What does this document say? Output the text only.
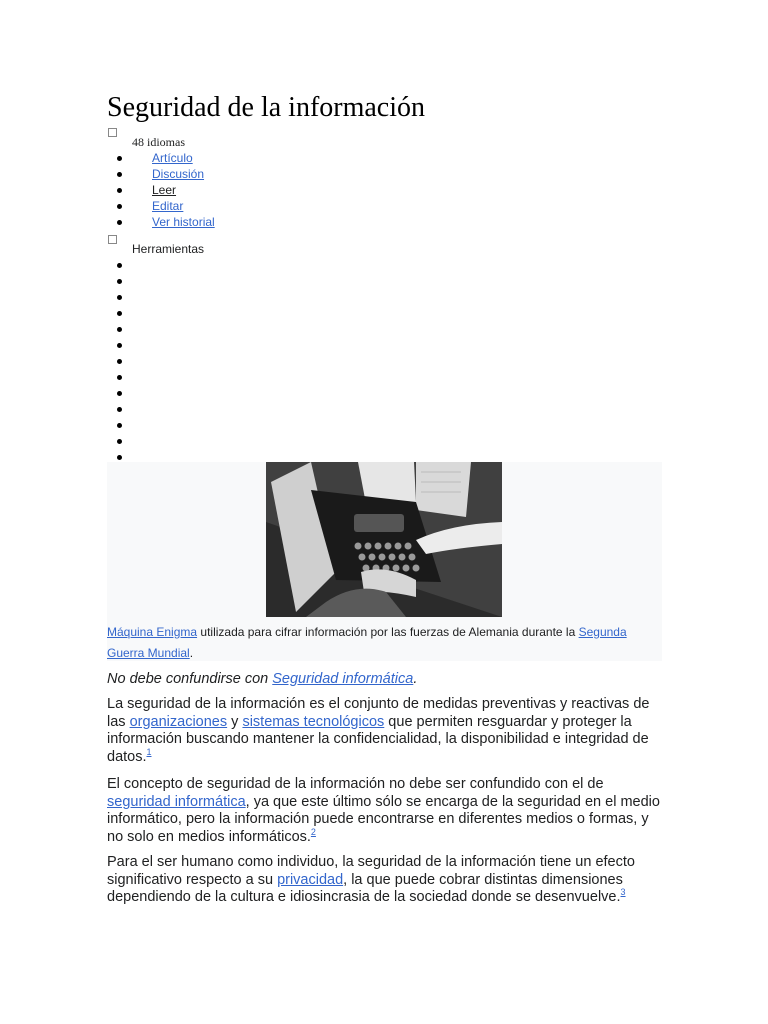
Seguridad de la información
48 idiomas
Artículo
Discusión
Leer
Editar
Ver historial
Herramientas
Máquina Enigma utilizada para cifrar información por las fuerzas de Alemania durante la Segunda Guerra Mundial.
No debe confundirse con Seguridad informática.

La seguridad de la información es el conjunto de medidas preventivas y reactivas de las organizaciones y sistemas tecnológicos que permiten resguardar y proteger la información buscando mantener la confidencialidad, la disponibilidad e integridad de datos.$^1$

El concepto de seguridad de la información no debe ser confundido con el de seguridad informática, ya que este último sólo se encarga de la seguridad en el medio informático, pero la información puede encontrarse en diferentes medios o formas, y no solo en medios informáticos.$^2$

Para el ser humano como individuo, la seguridad de la información tiene un efecto significativo respecto a su privacidad, la que puede cobrar distintas dimensiones dependiendo de la cultura e idiosincrasia de la sociedad donde se desenvuelve.$^3$
